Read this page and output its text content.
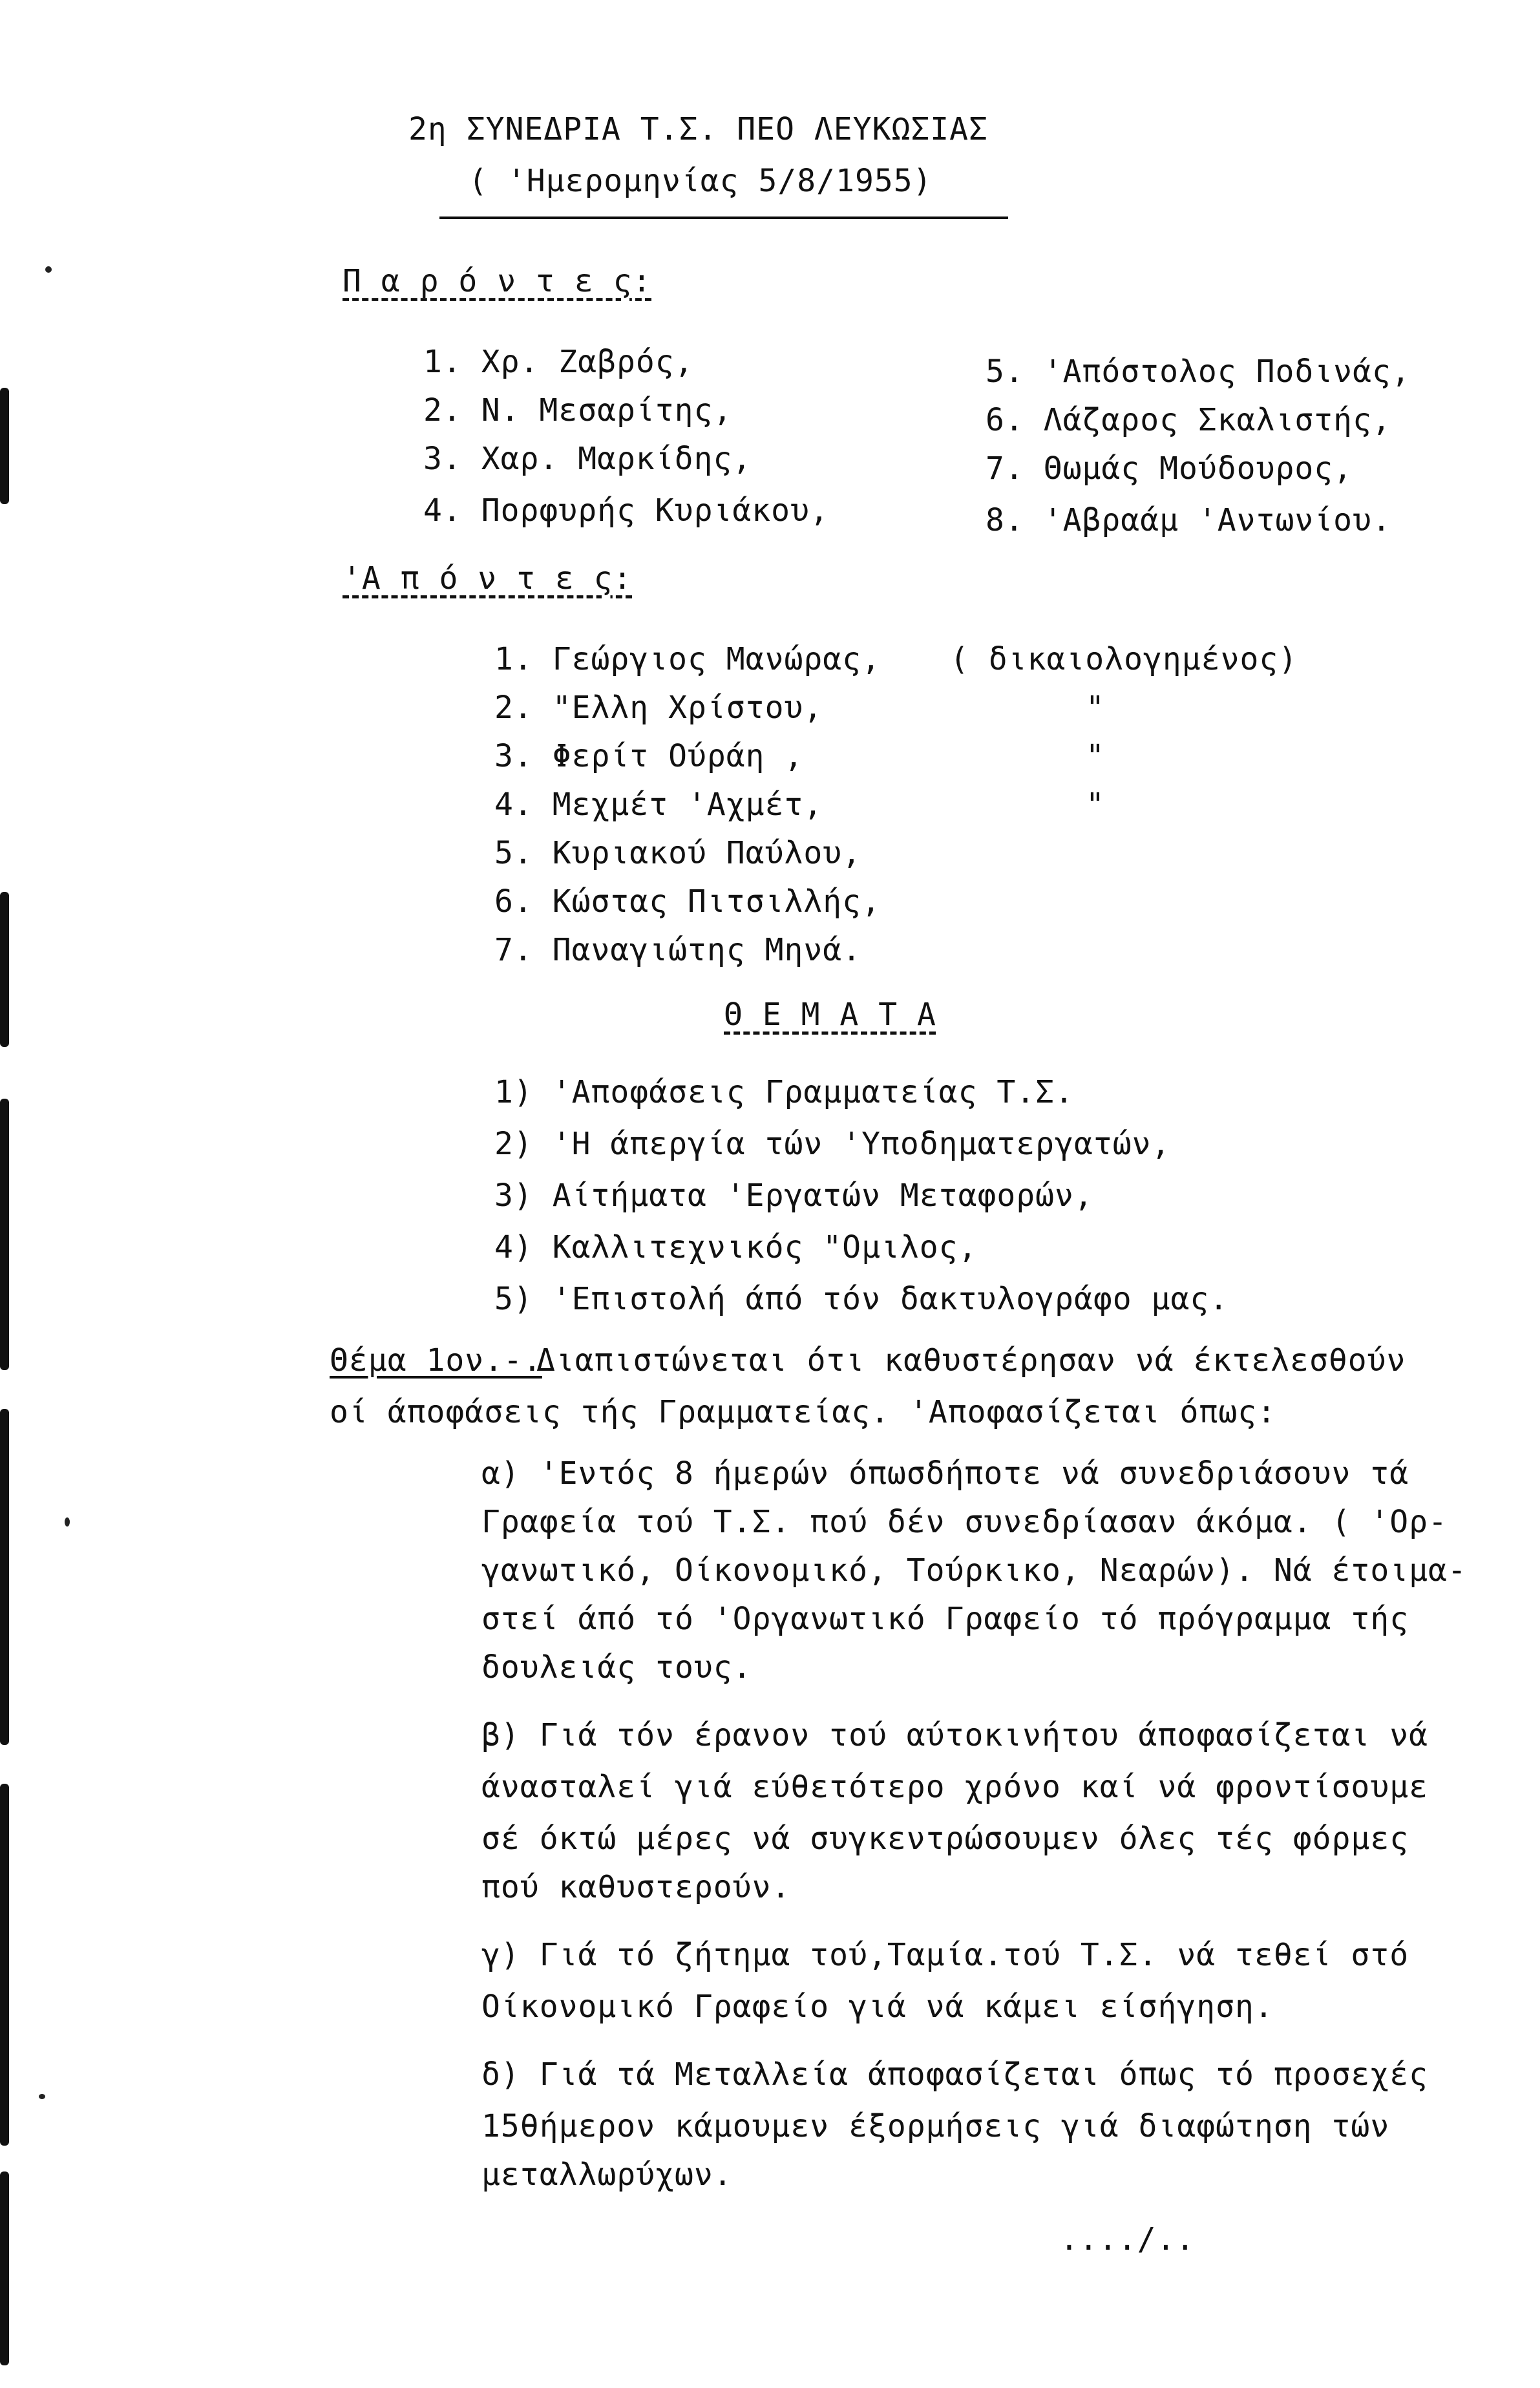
2η ΣΥΝΕΔΡΙΑ Τ.Σ. ΠΕΟ ΛΕΥΚΩΣΙΑΣ
( 'Ημερομηνίας 5/8/1955)
Π α ρ ό ν τ ε ς:
1. Χρ. Ζαβρός,
2. Ν. Μεσαρίτης,
3. Χαρ. Μαρκίδης,
4. Πορφυρής Κυριάκου,
5. 'Απόστολος Ποδινάς,
6. Λάζαρος Σκαλιστής,
7. Θωμάς Μούδουρος,
8. 'Αβραάμ 'Αντωνίου.
'Α π ό ν τ ε ς:
1. Γεώργιος Μανώρας,
2. "Ελλη Χρίστου,
3. Φερίτ Ούράη ,
4. Μεχμέτ 'Αχμέτ,
5. Κυριακού Παύλου,
6. Κώστας Πιτσιλλής,
7. Παναγιώτης Μηνά.
( δικαιολογημένος)
"
"
"
Θ Ε Μ Α Τ Α
1) 'Αποφάσεις Γραμματείας Τ.Σ.
2) 'Η άπεργία τών 'Υποδηματεργατών,
3) Αίτήματα 'Εργατών Μεταφορών,
4) Καλλιτεχνικός "Ομιλος,
5) 'Επιστολή άπό τόν δακτυλογράφο μας.
Θέμα 1ον.-.
Διαπιστώνεται ότι καθυστέρησαν νά έκτελεσθούν
οί άποφάσεις τής Γραμματείας. 'Αποφασίζεται όπως:
α) 'Εντός 8 ήμερών όπωσδήποτε νά συνεδριάσουν τά
Γραφεία τού Τ.Σ. πού δέν συνεδρίασαν άκόμα. ( 'Ορ-
γανωτικό, Οίκονομικό, Τούρκικο, Νεαρών). Νά έτοιμα-
στεί άπό τό 'Οργανωτικό Γραφείο τό πρόγραμμα τής
δουλειάς τους.
β) Γιά τόν έρανον τού αύτοκινήτου άποφασίζεται νά
άνασταλεί γιά εύθετότερο χρόνο καί νά φροντίσουμε
σέ όκτώ μέρες νά συγκεντρώσουμεν όλες τές φόρμες
πού καθυστερούν.
γ) Γιά τό ζήτημα τού,Ταμία.τού Τ.Σ. νά τεθεί στό
Οίκονομικό Γραφείο γιά νά κάμει είσήγηση.
δ) Γιά τά Μεταλλεία άποφασίζεται όπως τό προσεχές
15θήμερον κάμουμεν έξορμήσεις γιά διαφώτηση τών
μεταλλωρύχων.
..../..
